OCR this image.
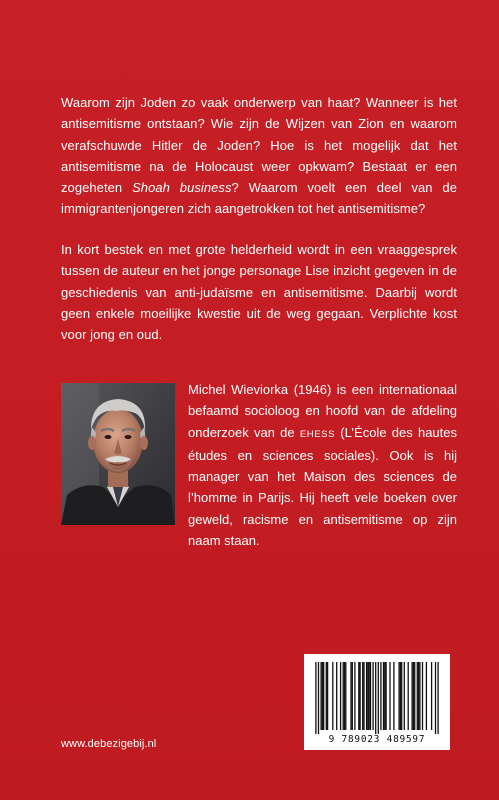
Waarom zijn Joden zo vaak onderwerp van haat? Wanneer is het antisemitisme ontstaan? Wie zijn de Wijzen van Zion en waarom verafschuwde Hitler de Joden? Hoe is het mogelijk dat het antisemitisme na de Holocaust weer opkwam? Bestaat er een zogeheten Shoah business? Waarom voelt een deel van de immigrantenjongeren zich aangetrokken tot het antisemitisme?

In kort bestek en met grote helderheid wordt in een vraaggesprek tussen de auteur en het jonge personage Lise inzicht gegeven in de geschiedenis van anti-judaïsme en antisemitisme. Daarbij wordt geen enkele moeilijke kwestie uit de weg gegaan. Verplichte kost voor jong en oud.

Michel Wieviorka (1946) is een internationaal befaamd socioloog en hoofd van de afdeling onderzoek van de EHESS (L’École des hautes études en sciences sociales). Ook is hij manager van het Maison des sciences de l’homme in Parijs. Hij heeft vele boeken over geweld, racisme en antisemitisme op zijn naam staan.

9 789023 489597
www.debezigebij.nl
